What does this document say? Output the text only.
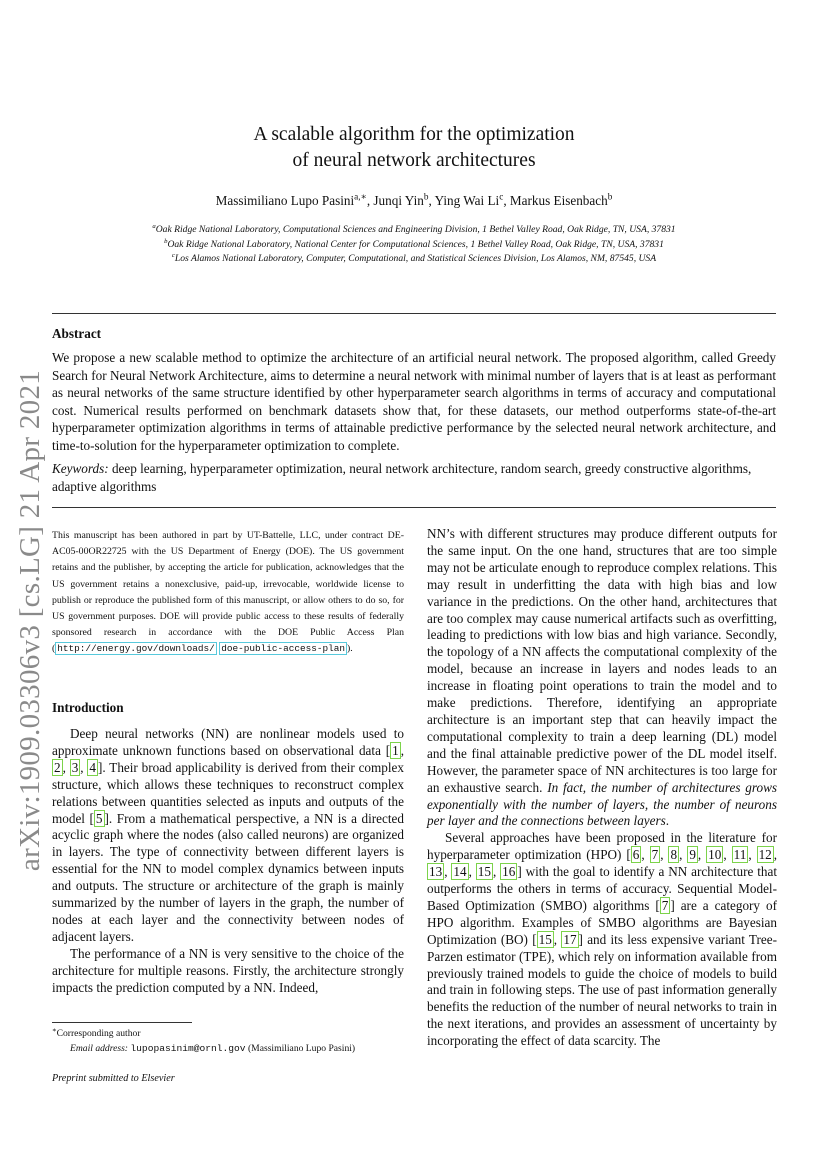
arXiv:1909.03306v3 [cs.LG] 21 Apr 2021
A scalable algorithm for the optimization
of neural network architectures
Massimiliano Lupo Pasini$^{a,∗}$, Junqi Yin$^b$, Ying Wai Li$^c$, Markus Eisenbach$^b$
$^a$Oak Ridge National Laboratory, Computational Sciences and Engineering Division, 1 Bethel Valley Road, Oak Ridge, TN, USA, 37831
$^b$Oak Ridge National Laboratory, National Center for Computational Sciences, 1 Bethel Valley Road, Oak Ridge, TN, USA, 37831
$^c$Los Alamos National Laboratory, Computer, Computational, and Statistical Sciences Division, Los Alamos, NM, 87545, USA
Abstract
We propose a new scalable method to optimize the architecture of an artificial neural network. The proposed algorithm, called Greedy Search for Neural Network Architecture, aims to determine a neural network with minimal number of layers that is at least as performant as neural networks of the same structure identified by other hyperparameter search algorithms in terms of accuracy and computational cost. Numerical results performed on benchmark datasets show that, for these datasets, our method outperforms state-of-the-art hyperparameter optimization algorithms in terms of attainable predictive performance by the selected neural network architecture, and time-to-solution for the hyperparameter optimization to complete.
Keywords: deep learning, hyperparameter optimization, neural network architecture, random search, greedy constructive algorithms, adaptive algorithms
This manuscript has been authored in part by UT-Battelle, LLC, under contract DE-AC05-00OR22725 with the US Department of Energy (DOE). The US government retains and the publisher, by accepting the article for publication, acknowledges that the US government retains a nonexclusive, paid-up, irrevocable, worldwide license to publish or reproduce the published form of this manuscript, or allow others to do so, for US government purposes. DOE will provide public access to these results of federally sponsored research in accordance with the DOE Public Access Plan ( http://energy.gov/downloads/ doe-public-access-plan ).
Introduction

Deep neural networks (NN) are nonlinear models used to approximate unknown functions based on observational data [ 1 , 2 , 3 , 4 ]. Their broad applicability is derived from their complex structure, which allows these techniques to reconstruct complex relations between quantities selected as inputs and outputs of the model [ 5 ]. From a mathematical perspective, a NN is a directed acyclic graph where the nodes (also called neurons) are organized in layers. The type of connectivity between different layers is essential for the NN to model complex dynamics between inputs and outputs. The structure or architecture of the graph is mainly summarized by the number of layers in the graph, the number of nodes at each layer and the connectivity between nodes of adjacent layers.

The performance of a NN is very sensitive to the choice of the architecture for multiple reasons. Firstly, the architecture strongly impacts the prediction computed by a NN. Indeed,

NN’s with different structures may produce different outputs for the same input. On the one hand, structures that are too simple may not be articulate enough to reproduce complex relations. This may result in underfitting the data with high bias and low variance in the predictions. On the other hand, architectures that are too complex may cause numerical artifacts such as overfitting, leading to predictions with low bias and high variance. Secondly, the topology of a NN affects the computational complexity of the model, because an increase in layers and nodes leads to an increase in floating point operations to train the model and to make predictions. Therefore, identifying an appropriate architecture is an important step that can heavily impact the computational complexity to train a deep learning (DL) model and the final attainable predictive power of the DL model itself. However, the parameter space of NN architectures is too large for an exhaustive search. In fact, the number of architectures grows exponentially with the number of layers, the number of neurons per layer and the connections between layers.

Several approaches have been proposed in the literature for hyperparameter optimization (HPO) [ 6 , 7 , 8 , 9 , 10 , 11 , 12 , 13 , 14 , 15 , 16 ] with the goal to identify a NN architecture that outperforms the others in terms of accuracy. Sequential Model-Based Optimization (SMBO) algorithms [ 7 ] are a category of HPO algorithm. Examples of SMBO algorithms are Bayesian Optimization (BO) [ 15 , 17 ] and its less expensive variant Tree-Parzen estimator (TPE), which rely on information available from previously trained models to guide the choice of models to build and train in following steps. The use of past information generally benefits the reduction of the number of neural networks to train in the next iterations, and provides an assessment of uncertainty by incorporating the effect of data scarcity. The

∗Corresponding author
Email address: lupopasinim@ornl.gov (Massimiliano Lupo Pasini)
Preprint submitted to Elsevier
